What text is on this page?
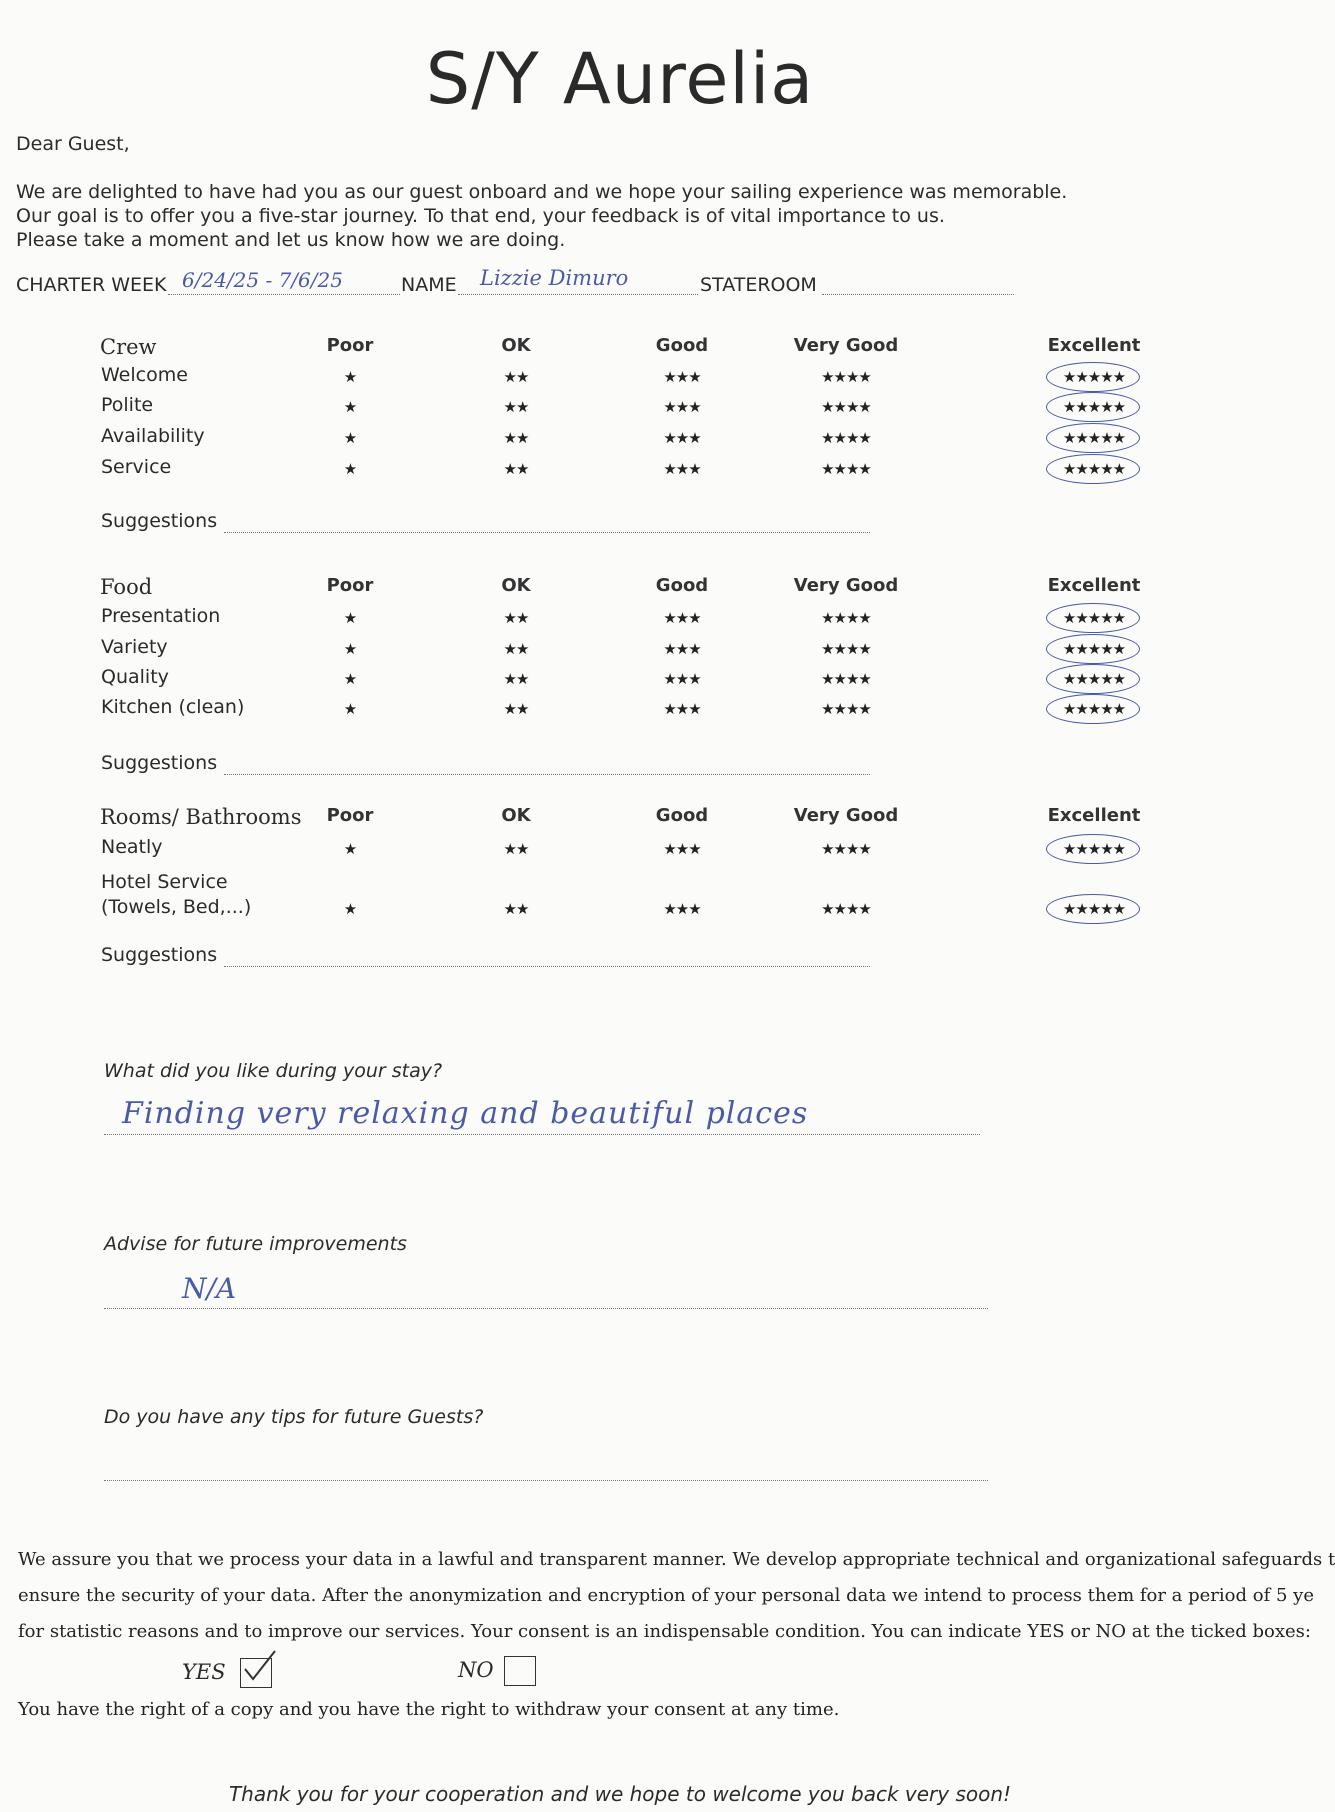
S/Y Aurelia
Dear Guest,
We are delighted to have had you as our guest onboard and we hope your sailing experience was memorable.
Our goal is to offer you a five-star journey. To that end, your feedback is of vital importance to us.
Please take a moment and let us know how we are doing.
CHARTER WEEK 6/24/25 - 7/6/25	NAME Lizzie Dimuro	STATEROOM
Crew	Poor	OK	Good	Very Good	Excellent
Welcome	★	★★	★★★	★★★★	★★★★★
Polite	★	★★	★★★	★★★★	★★★★★
Availability	★	★★	★★★	★★★★	★★★★★
Service	★	★★	★★★	★★★★	★★★★★
Suggestions
Food	Poor	OK	Good	Very Good	Excellent
Presentation	★	★★	★★★	★★★★	★★★★★
Variety	★	★★	★★★	★★★★	★★★★★
Quality	★	★★	★★★	★★★★	★★★★★
Kitchen (clean)	★	★★	★★★	★★★★	★★★★★
Suggestions
Rooms/ Bathrooms	Poor	OK	Good	Very Good	Excellent
Neatly	★	★★	★★★	★★★★	★★★★★
Hotel Service
(Towels, Bed,...)	★	★★	★★★	★★★★	★★★★★
Suggestions
What did you like during your stay?
Finding very relaxing and beautiful places
Advise for future improvements
N/A
Do you have any tips for future Guests?
We assure you that we process your data in a lawful and transparent manner. We develop appropriate technical and organizational safeguards t
ensure the security of your data. After the anonymization and encryption of your personal data we intend to process them for a period of 5 ye
for statistic reasons and to improve our services. Your consent is an indispensable condition. You can indicate YES or NO at the ticked boxes:
YES	NO
You have the right of a copy and you have the right to withdraw your consent at any time.
Thank you for your cooperation and we hope to welcome you back very soon!
